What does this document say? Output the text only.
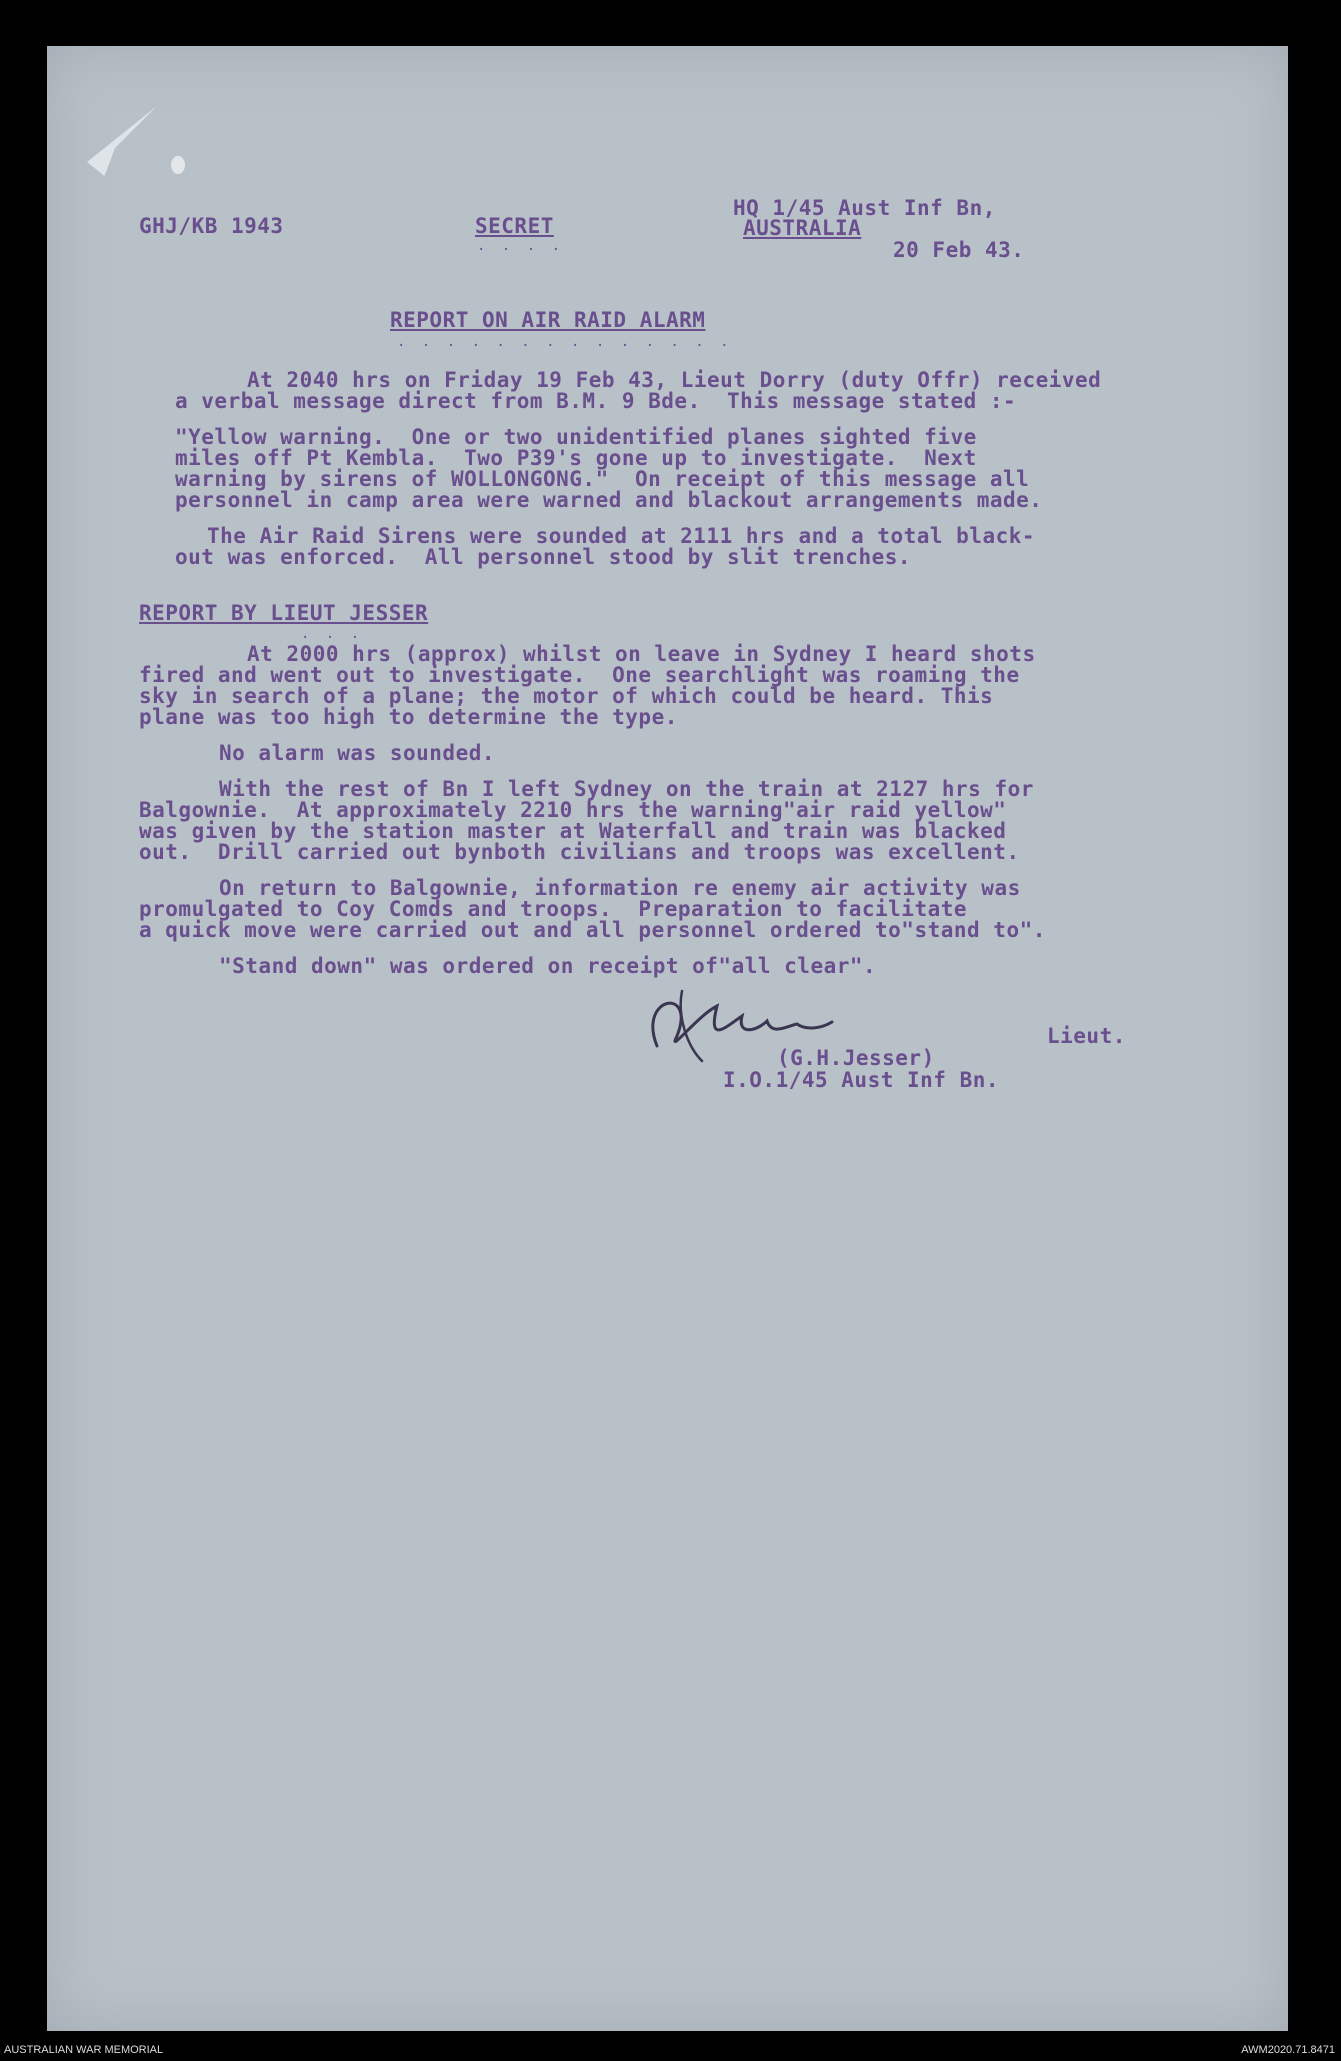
GHJ/KB 1943	SECRET
. . . .
HQ 1/45 Aust Inf Bn,
AUSTRALIA
20 Feb 43.
REPORT ON AIR RAID ALARM
. . . . . . . . . . . . . .
At 2040 hrs on Friday 19 Feb 43, Lieut Dorry (duty Offr) received
a verbal message direct from B.M. 9 Bde.  This message stated :-
"Yellow warning.  One or two unidentified planes sighted five
miles off Pt Kembla.  Two P39's gone up to investigate.  Next
warning by sirens of WOLLONGONG."  On receipt of this message all
personnel in camp area were warned and blackout arrangements made.
The Air Raid Sirens were sounded at 2111 hrs and a total black-
out was enforced.  All personnel stood by slit trenches.
REPORT BY LIEUT JESSER
. . .
At 2000 hrs (approx) whilst on leave in Sydney I heard shots
fired and went out to investigate.  One searchlight was roaming the
sky in search of a plane; the motor of which could be heard. This
plane was too high to determine the type.
No alarm was sounded.
With the rest of Bn I left Sydney on the train at 2127 hrs for
Balgownie.  At approximately 2210 hrs the warning"air raid yellow"
was given by the station master at Waterfall and train was blacked
out.  Drill carried out bynboth civilians and troops was excellent.
On return to Balgownie, information re enemy air activity was
promulgated to Coy Comds and troops.  Preparation to facilitate
a quick move were carried out and all personnel ordered to"stand to".
"Stand down" was ordered on receipt of"all clear".
Lieut.
(G.H.Jesser)
I.O.1/45 Aust Inf Bn.
AUSTRALIAN WAR MEMORIAL	AWM2020.71.8471
